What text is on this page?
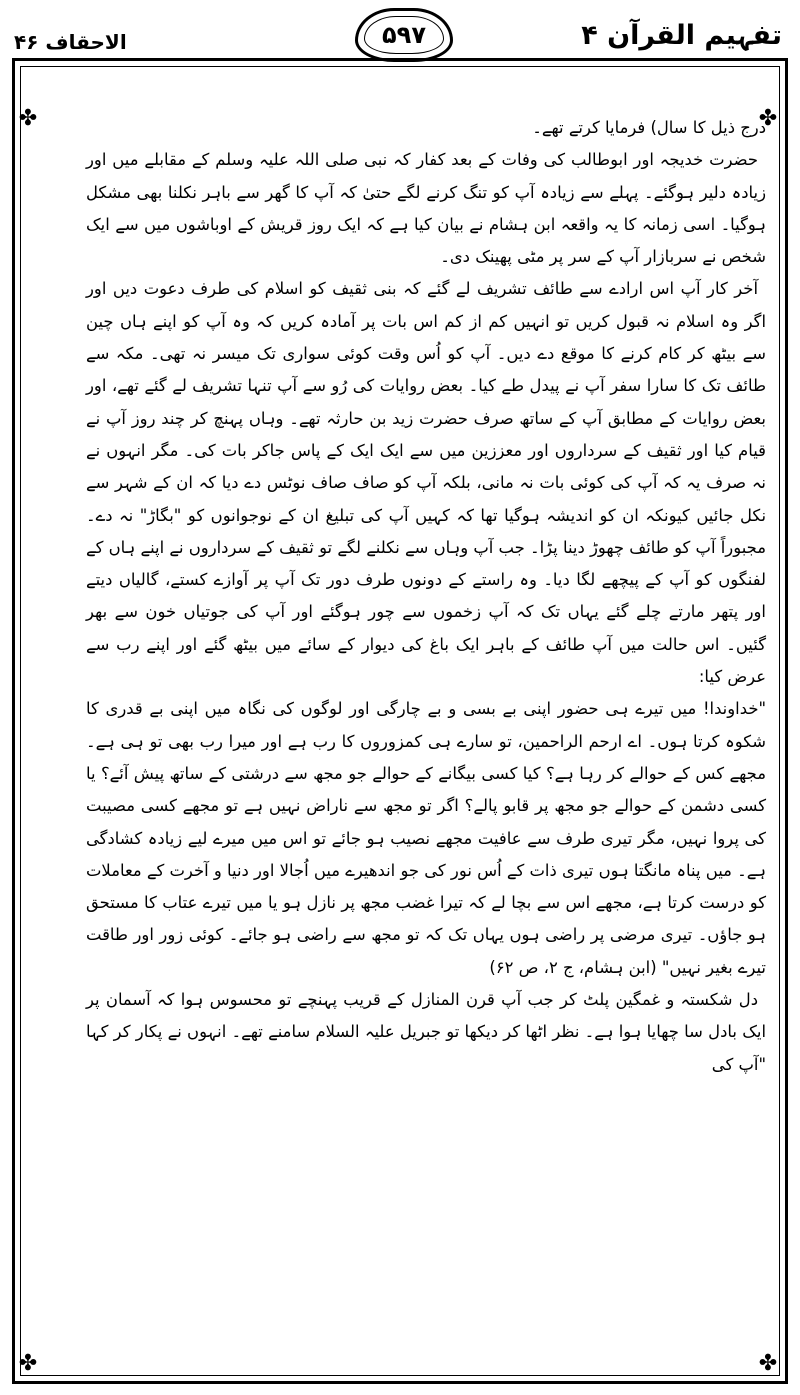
الاحقاف ۴۶	۵۹۷	تفہیم القرآن ۴
✤	✤
✤	✤

درج ذیل کا سال) فرمایا کرتے تھے۔

حضرت خدیجہ اور ابوطالب کی وفات کے بعد کفار کہ نبی صلی اللہ علیہ وسلم کے مقابلے میں اور زیادہ دلیر ہوگئے۔ پہلے سے زیادہ آپ کو تنگ کرنے لگے حتیٰ کہ آپ کا گھر سے باہر نکلنا بھی مشکل ہوگیا۔ اسی زمانہ کا یہ واقعہ ابن ہشام نے بیان کیا ہے کہ ایک روز قریش کے اوباشوں میں سے ایک شخص نے سربازار آپ کے سر پر مٹی پھینک دی۔

آخر کار آپ اس ارادے سے طائف تشریف لے گئے کہ بنی ثقیف کو اسلام کی طرف دعوت دیں اور اگر وہ اسلام نہ قبول کریں تو انہیں کم از کم اس بات پر آمادہ کریں کہ وہ آپ کو اپنے ہاں چین سے بیٹھ کر کام کرنے کا موقع دے دیں۔ آپ کو اُس وقت کوئی سواری تک میسر نہ تھی۔ مکہ سے طائف تک کا سارا سفر آپ نے پیدل طے کیا۔ بعض روایات کی رُو سے آپ تنہا تشریف لے گئے تھے، اور بعض روایات کے مطابق آپ کے ساتھ صرف حضرت زید بن حارثہ تھے۔ وہاں پہنچ کر چند روز آپ نے قیام کیا اور ثقیف کے سرداروں اور معززین میں سے ایک ایک کے پاس جاکر بات کی۔ مگر انہوں نے نہ صرف یہ کہ آپ کی کوئی بات نہ مانی، بلکہ آپ کو صاف صاف نوٹس دے دیا کہ ان کے شہر سے نکل جائیں کیونکہ ان کو اندیشہ ہوگیا تھا کہ کہیں آپ کی تبلیغ ان کے نوجوانوں کو "بگاڑ" نہ دے۔ مجبوراً آپ کو طائف چھوڑ دینا پڑا۔ جب آپ وہاں سے نکلنے لگے تو ثقیف کے سرداروں نے اپنے ہاں کے لفنگوں کو آپ کے پیچھے لگا دیا۔ وہ راستے کے دونوں طرف دور تک آپ پر آوازے کستے، گالیاں دیتے اور پتھر مارتے چلے گئے یہاں تک کہ آپ زخموں سے چور ہوگئے اور آپ کی جوتیاں خون سے بھر گئیں۔ اس حالت میں آپ طائف کے باہر ایک باغ کی دیوار کے سائے میں بیٹھ گئے اور اپنے رب سے عرض کیا:

"خداوندا! میں تیرے ہی حضور اپنی بے بسی و بے چارگی اور لوگوں کی نگاہ میں اپنی بے قدری کا شکوہ کرتا ہوں۔ اے ارحم الراحمین، تو سارے ہی کمزوروں کا رب ہے اور میرا رب بھی تو ہی ہے۔ مجھے کس کے حوالے کر رہا ہے؟ کیا کسی بیگانے کے حوالے جو مجھ سے درشتی کے ساتھ پیش آئے؟ یا کسی دشمن کے حوالے جو مجھ پر قابو پالے؟ اگر تو مجھ سے ناراض نہیں ہے تو مجھے کسی مصیبت کی پروا نہیں، مگر تیری طرف سے عافیت مجھے نصیب ہو جائے تو اس میں میرے لیے زیادہ کشادگی ہے۔ میں پناہ مانگتا ہوں تیری ذات کے اُس نور کی جو اندھیرے میں اُجالا اور دنیا و آخرت کے معاملات کو درست کرتا ہے، مجھے اس سے بچا لے کہ تیرا غضب مجھ پر نازل ہو یا میں تیرے عتاب کا مستحق ہو جاؤں۔ تیری مرضی پر راضی ہوں یہاں تک کہ تو مجھ سے راضی ہو جائے۔ کوئی زور اور طاقت تیرے بغیر نہیں" (ابن ہشام، ج ۲، ص ۶۲)

دل شکستہ و غمگین پلٹ کر جب آپ قرن المنازل کے قریب پہنچے تو محسوس ہوا کہ آسمان پر ایک بادل سا چھایا ہوا ہے۔ نظر اٹھا کر دیکھا تو جبریل علیہ السلام سامنے تھے۔ انہوں نے پکار کر کہا "آپ کی
